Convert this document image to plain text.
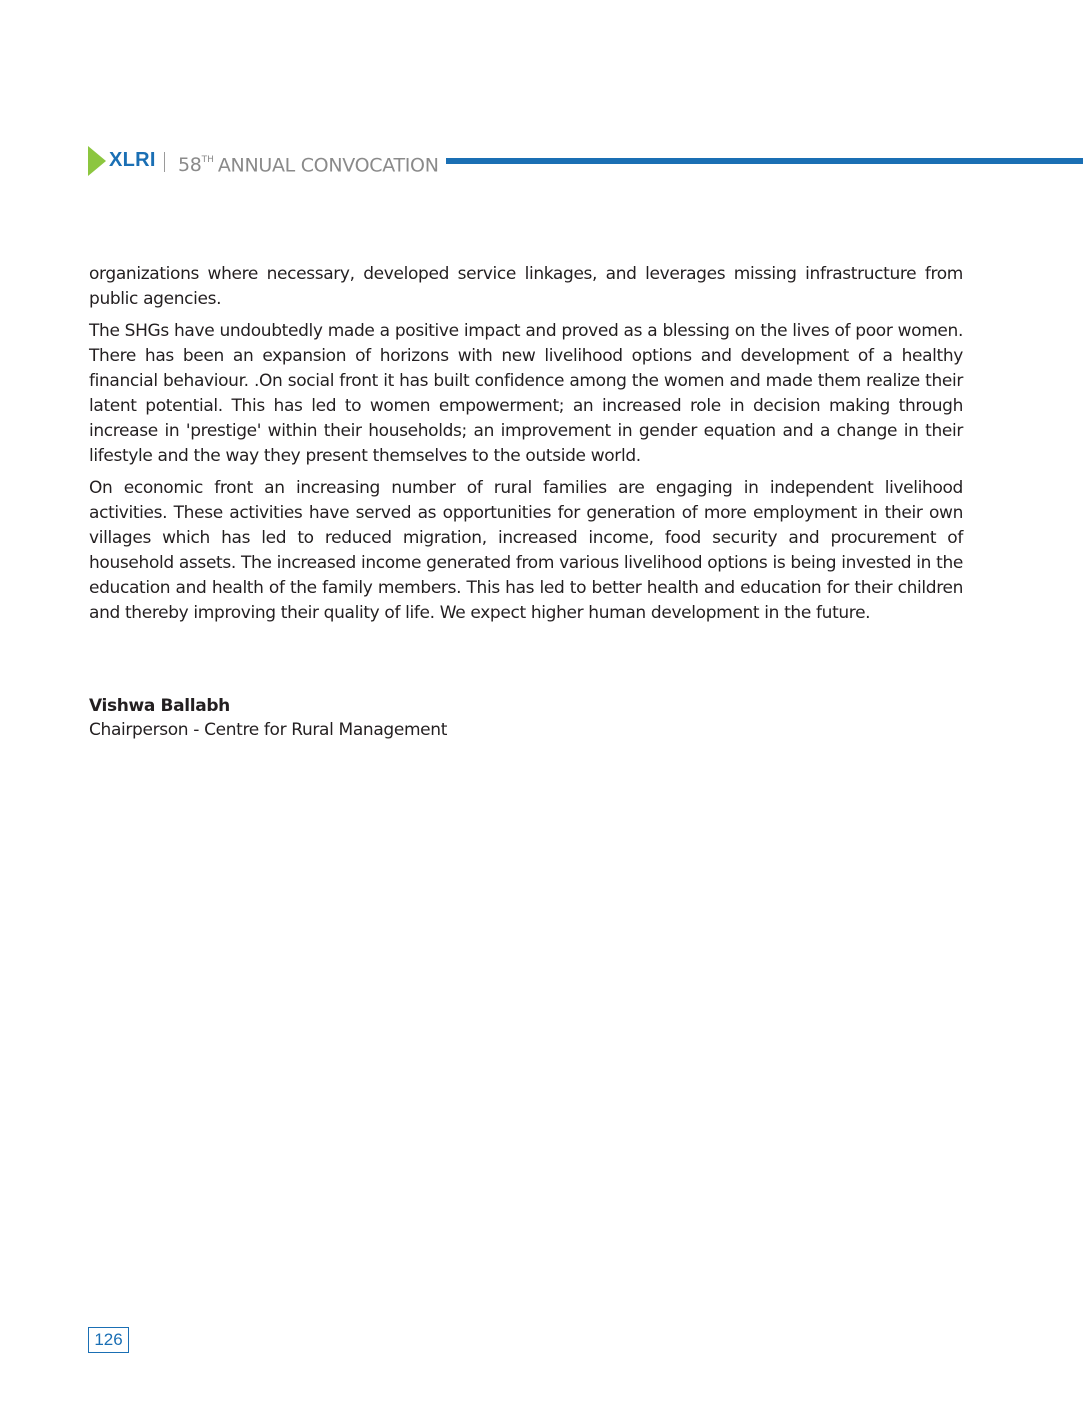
XLRI 58TH ANNUAL CONVOCATION

organizations where necessary, developed service linkages, and leverages missing infrastructure from public agencies.

The SHGs have undoubtedly made a positive impact and proved as a blessing on the lives of poor women. There has been an expansion of horizons with new livelihood options and development of a healthy financial behaviour. .On social front it has built confidence among the women and made them realize their latent potential. This has led to women empowerment; an increased role in decision making through increase in 'prestige' within their households; an improvement in gender equation and a change in their lifestyle and the way they present themselves to the outside world.

On economic front an increasing number of rural families are engaging in independent livelihood activities. These activities have served as opportunities for generation of more employment in their own villages which has led to reduced migration, increased income, food security and procurement of household assets. The increased income generated from various livelihood options is being invested in the education and health of the family members. This has led to better health and education for their children and thereby improving their quality of life. We expect higher human development in the future.

Vishwa Ballabh
Chairperson - Centre for Rural Management
126
